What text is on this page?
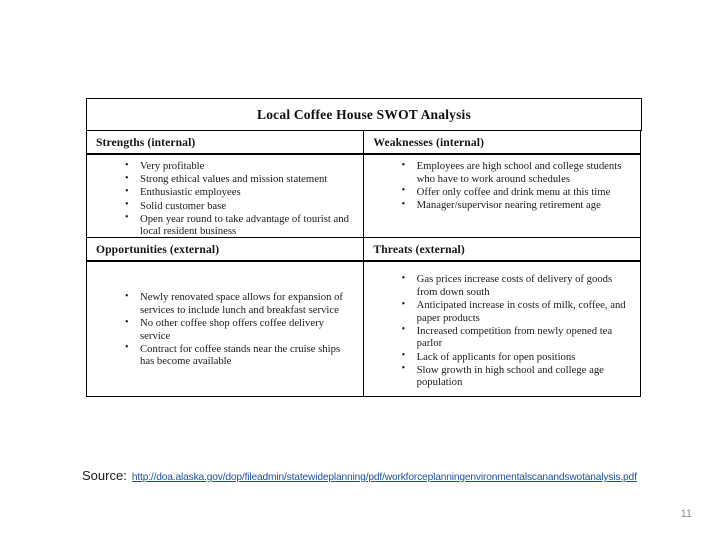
Local Coffee House SWOT Analysis
Strengths (internal)	Weaknesses (internal)
• Very profitable
• Strong ethical values and mission statement
• Enthusiastic employees
• Solid customer base
• Open year round to take advantage of tourist and local resident business
• Employees are high school and college students who have to work around schedules
• Offer only coffee and drink menu at this time
• Manager/supervisor nearing retirement age
Opportunities (external)	Threats (external)
• Newly renovated space allows for expansion of services to include lunch and breakfast service
• No other coffee shop offers coffee delivery service
• Contract for coffee stands near the cruise ships has become available
• Gas prices increase costs of delivery of goods from down south
• Anticipated increase in costs of milk, coffee, and paper products
• Increased competition from newly opened tea parlor
• Lack of applicants for open positions
• Slow growth in high school and college age population
Source: http://doa.alaska.gov/dop/fileadmin/statewideplanning/pdf/workforceplanningenvironmentalscanandswotanalysis.pdf
11
